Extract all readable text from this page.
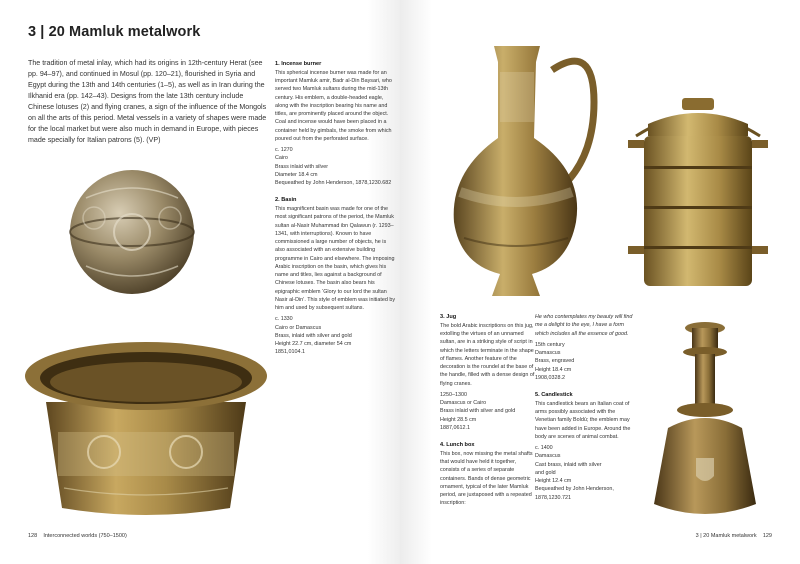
3 | 20 Mamluk metalwork
The tradition of metal inlay, which had its origins in 12th-century Herat (see pp. 94–97), and continued in Mosul (pp. 120–21), flourished in Syria and Egypt during the 13th and 14th centuries (1–5), as well as in Iran during the Ilkhanid era (pp. 142–43). Designs from the late 13th century include Chinese lotuses (2) and flying cranes, a sign of the influence of the Mongols on all the arts of this period. Metal vessels in a variety of shapes were made for the local market but were also much in demand in Europe, with pieces made specially for Italian patrons (5). (VP)
1. Incense burner

This spherical incense burner was made for an important Mamluk amir, Badr al-Din Baysari, who served two Mamluk sultans during the mid-13th century. His emblem, a double-headed eagle, along with the inscription bearing his name and titles, are prominently placed around the object. Coal and incense would have been placed in a container held by gimbals, the smoke from which poured out from the perforated surface.

c. 1270
Cairo
Brass inlaid with silver
Diameter 18.4 cm
Bequeathed by John Henderson, 1878,1230.682
2. Basin

This magnificent basin was made for one of the most significant patrons of the period, the Mamluk sultan al-Nasir Muhammad ibn Qalawun (r. 1293–1341, with interruptions). Known to have commissioned a large number of objects, he is also associated with an extensive building programme in Cairo and elsewhere. The imposing Arabic inscription on the basin, which gives his name and titles, lies against a background of Chinese lotuses. The basin also bears his epigraphic emblem ‘Glory to our lord the sultan Nasir al-Din’. This style of emblem was initiated by him and used by subsequent sultans.

c. 1330
Cairo or Damascus
Brass, inlaid with silver and gold
Height 22.7 cm, diameter 54 cm
1851,0104.1
128 Interconnected worlds (750–1500)
3. Jug

The bold Arabic inscriptions on this jug, extolling the virtues of an unnamed sultan, are in a striking style of script in which the letters terminate in the shape of flames. Another feature of the decoration is the roundel at the base of the handle, filled with a dense design of flying cranes.

1250–1300
Damascus or Cairo
Brass inlaid with silver and gold
Height 28.5 cm
1887,0612.1
4. Lunch box

This box, now missing the metal shafts that would have held it together, consists of a series of separate containers. Bands of dense geometric ornament, typical of the later Mamluk period, are juxtaposed with a repeated inscription:

He who contemplates my beauty will find me a delight to the eye, I have a form which includes all the essence of good.

15th century
Damascus
Brass, engraved
Height 18.4 cm
1908,0328.2
5. Candlestick

This candlestick bears an Italian coat of arms possibly associated with the Venetian family Boldù; the emblem may have been added in Europe. Around the body are scenes of animal combat.

c. 1400
Damascus
Cast brass, inlaid with silver
and gold
Height 12.4 cm
Bequeathed by John Henderson, 1878,1230.721
3 | 20 Mamluk metalwork 129
